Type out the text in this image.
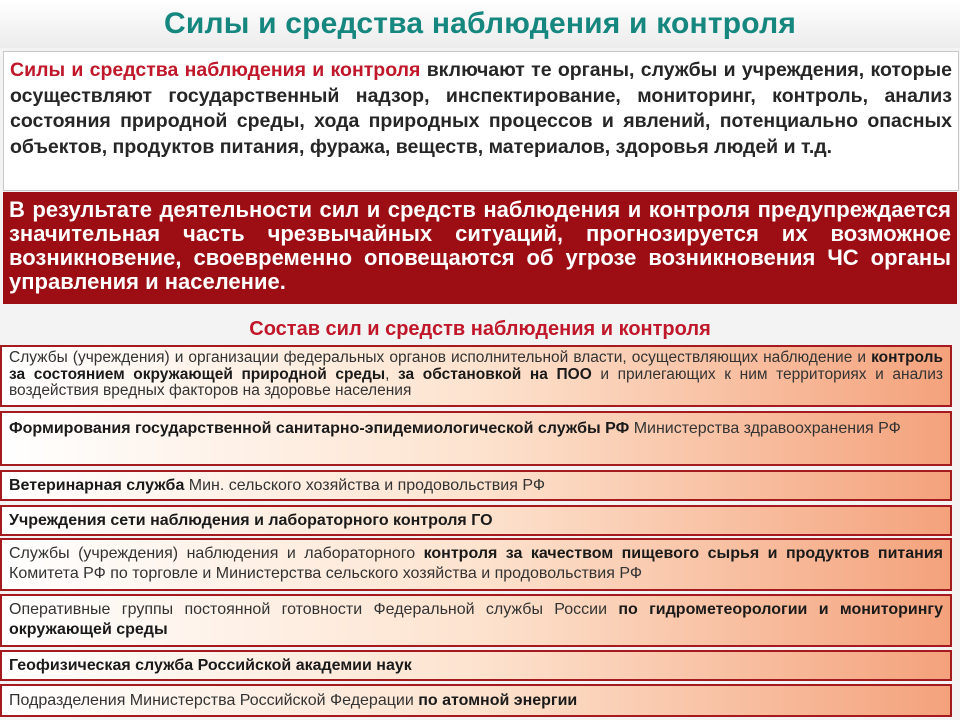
Силы и средства наблюдения и контроля
Силы и средства наблюдения и контроля включают те органы, службы и учреждения, которые осуществляют государственный надзор, инспектирование, мониторинг, контроль, анализ состояния природной среды, хода природных процессов и явлений, потенциально опасных объектов, продуктов питания, фуража, веществ, материалов, здоровья людей и т.д.
В результате деятельности сил и средств наблюдения и контроля предупреждается значительная часть чрезвычайных ситуаций, прогнозируется их возможное возникновение, своевременно оповещаются об угрозе возникновения ЧС органы управления и население.
Состав сил и средств наблюдения и контроля
Службы (учреждения) и организации федеральных органов исполнительной власти, осуществляющих наблюдение и контроль за состоянием окружающей природной среды, за обстановкой на ПОО и прилегающих к ним территориях и анализ воздействия вредных факторов на здоровье населения
Формирования государственной санитарно-эпидемиологической службы РФ Министерства здравоохранения РФ
Ветеринарная служба Мин. сельского хозяйства и продовольствия РФ
Учреждения сети наблюдения и лабораторного контроля ГО
Службы (учреждения) наблюдения и лабораторного контроля за качеством пищевого сырья и продуктов питания Комитета РФ по торговле и Министерства сельского хозяйства и продовольствия РФ
Оперативные группы постоянной готовности Федеральной службы России по гидрометеорологии и мониторингу окружающей среды
Геофизическая служба Российской академии наук
Подразделения Министерства Российской Федерации по атомной энергии
